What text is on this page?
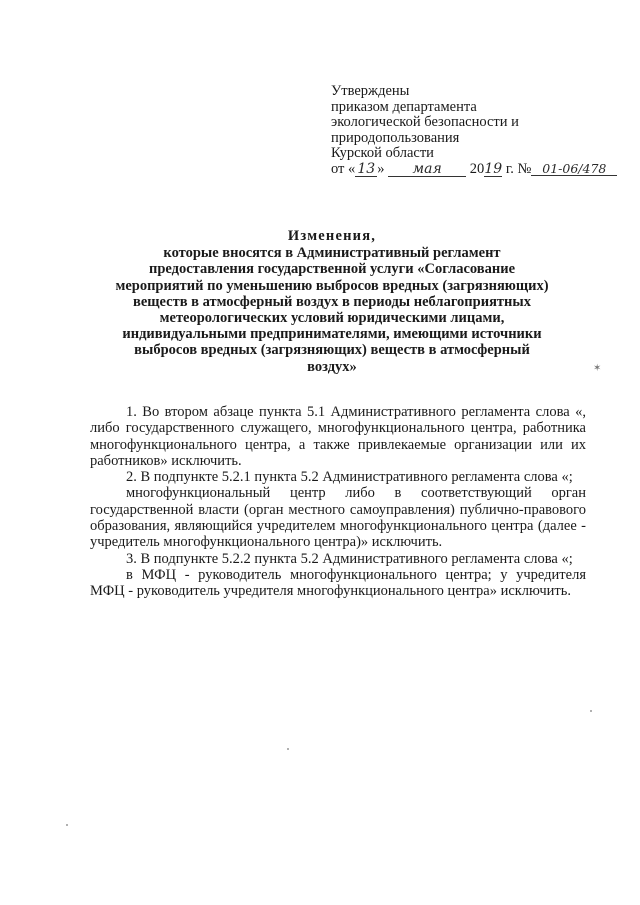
Утверждены
приказом департамента
экологической безопасности и
природопользования
Курской области
от « 13 » мая 2019 г. № 01-06/478
Изменения,
которые вносятся в Административный регламент
предоставления государственной услуги «Согласование
мероприятий по уменьшению выбросов вредных (загрязняющих)
веществ в атмосферный воздух в периоды неблагоприятных
метеорологических условий юридическими лицами,
индивидуальными предпринимателями, имеющими источники
выбросов вредных (загрязняющих) веществ в атмосферный
воздух»

1. Во втором абзаце пункта 5.1 Административного регламента слова «, либо государственного служащего, многофункционального центра, работника многофункционального центра, а также привлекаемые организации или их работников» исключить.

2. В подпункте 5.2.1 пункта 5.2 Административного регламента слова «;

многофункциональный центр либо в соответствующий орган государственной власти (орган местного самоуправления) публично-правового образования, являющийся учредителем многофункционального центра (далее - учредитель многофункционального центра)» исключить.

3. В подпункте 5.2.2 пункта 5.2 Административного регламента слова «;

в МФЦ - руководитель многофункционального центра; у учредителя МФЦ - руководитель учредителя многофункционального центра» исключить.

✶
